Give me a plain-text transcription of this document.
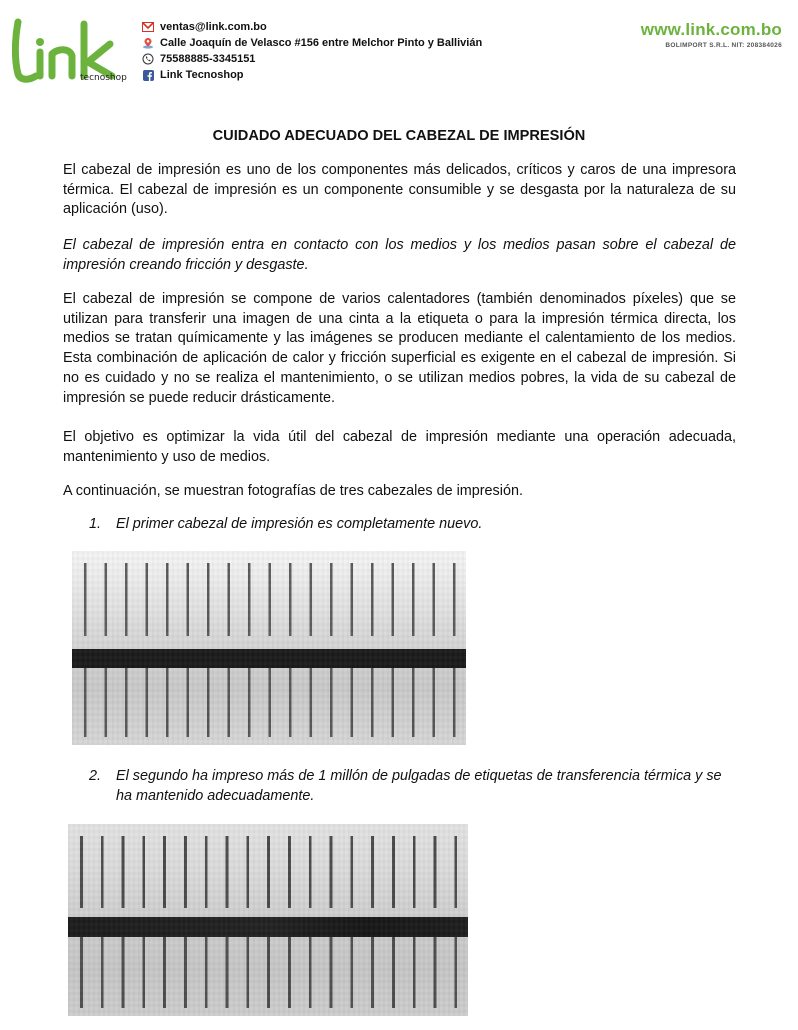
tecnoshop
ventas@link.com.bo
Calle Joaquín de Velasco #156 entre Melchor Pinto y Ballivián
75588885-3345151
Link Tecnoshop
www.link.com.bo
BOLIMPORT S.R.L. NIT: 208384026
CUIDADO ADECUADO DEL CABEZAL DE IMPRESIÓN
El cabezal de impresión es uno de los componentes más delicados, críticos y caros de una impresora térmica. El cabezal de impresión es un componente consumible y se desgasta por la naturaleza de su aplicación (uso).
El cabezal de impresión entra en contacto con los medios y los medios pasan sobre el cabezal de impresión creando fricción y desgaste.
El cabezal de impresión se compone de varios calentadores (también denominados píxeles) que se utilizan para transferir una imagen de una cinta a la etiqueta o para la impresión térmica directa, los medios se tratan químicamente y las imágenes se producen mediante el calentamiento de los medios. Esta combinación de aplicación de calor y fricción superficial es exigente en el cabezal de impresión. Si no es cuidado y no se realiza el mantenimiento, o se utilizan medios pobres, la vida de su cabezal de impresión se puede reducir drásticamente.
El objetivo es optimizar la vida útil del cabezal de impresión mediante una operación adecuada, mantenimiento y uso de medios.
A continuación, se muestran fotografías de tres cabezales de impresión.
1.	El primer cabezal de impresión es completamente nuevo.
2.	El segundo ha impreso más de 1 millón de pulgadas de etiquetas de transferencia térmica y se ha mantenido adecuadamente.
